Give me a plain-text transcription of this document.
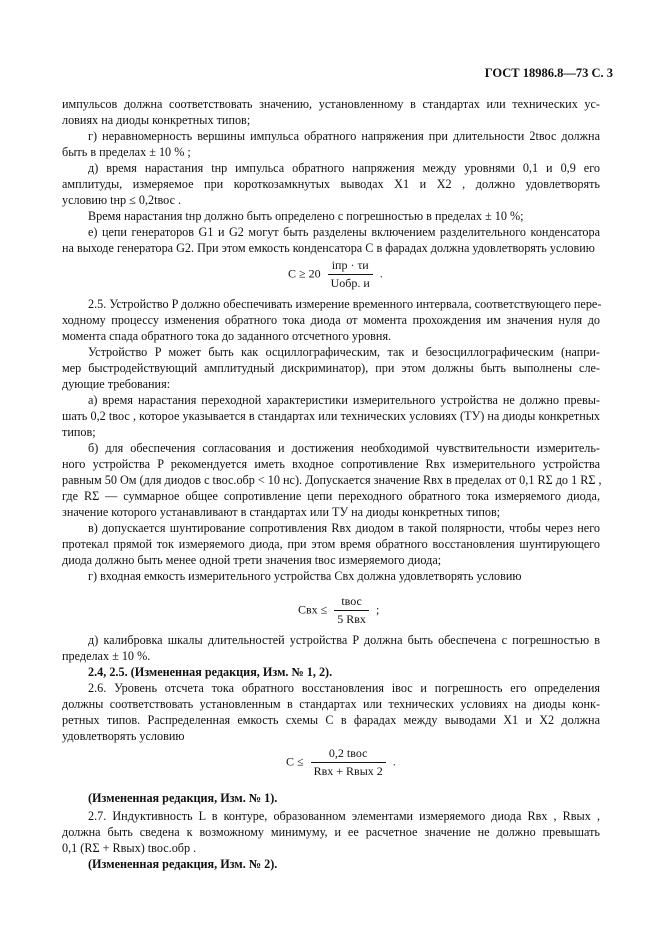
ГОСТ 18986.8—73 С. 3
импульсов должна соответствовать значению, установленному в стандартах или технических ус-
ловиях на диоды конкретных типов;
г) неравномерность вершины импульса обратного напряжения при длительности 2tвос должна
быть в пределах ± 10 % ;
д) время нарастания tнр импульса обратного напряжения между уровнями 0,1 и 0,9 его
амплитуды, измеряемое при короткозамкнутых выводах X1 и X2 , должно удовлетворять
условию tнр ≤ 0,2tвос .
Время нарастания tнр должно быть определено с погрешностью в пределах ± 10 %;
е) цепи генераторов G1 и G2 могут быть разделены включением разделительного конденсатора
на выходе генератора G2. При этом емкость конденсатора C в фарадах должна удовлетворять условию
$C \ge 20 \frac{\text{iпр · τи}}{\text{Uобр. и}}$ .
2.5. Устройство P должно обеспечивать измерение временного интервала, соответствующего пере-
ходному процессу изменения обратного тока диода от момента прохождения им значения нуля до
момента спада обратного тока до заданного отсчетного уровня.
Устройство P может быть как осциллографическим, так и безосциллографическим (напри-
мер быстродействующий амплитудный дискриминатор), при этом должны быть выполнены сле-
дующие требования:
а) время нарастания переходной характеристики измерительного устройства не должно превы-
шать 0,2 tвос , которое указывается в стандартах или технических условиях (ТУ) на диоды конкретных
типов;
б) для обеспечения согласования и достижения необходимой чувствительности измеритель-
ного устройства P рекомендуется иметь входное сопротивление Rвх измерительного устройства
равным 50 Ом (для диодов с tвос.обр < 10 нс). Допускается значение Rвх в пределах от 0,1 RΣ до 1 RΣ ,
где RΣ — суммарное общее сопротивление цепи переходного обратного тока измеряемого диода,
значение которого устанавливают в стандартах или ТУ на диоды конкретных типов;
в) допускается шунтирование сопротивления Rвх диодом в такой полярности, чтобы через него
протекал прямой ток измеряемого диода, при этом время обратного восстановления шунтирующего
диода должно быть менее одной трети значения tвос измеряемого диода;
г) входная емкость измерительного устройства Cвх должна удовлетворять условию
Cвх ≤ $\frac{\text{tвос}}{\text{5 Rвх}}$ ;
д) калибровка шкалы длительностей устройства P должна быть обеспечена с погрешностью в
пределах ± 10 %.
2.4, 2.5. (Измененная редакция, Изм. № 1, 2).
2.6. Уровень отсчета тока обратного восстановления iвос и погрешность его определения
должны соответствовать установленным в стандартах или технических условиях на диоды конк-
ретных типов. Распределенная емкость схемы C в фарадах между выводами X1 и X2 должна
удовлетворять условию
$C \le \frac{\text{0,2 tвос}}{\text{Rвх + Rвых 2}}$ .
(Измененная редакция, Изм. № 1).
2.7. Индуктивность L в контуре, образованном элементами измеряемого диода Rвх , Rвых ,
должна быть сведена к возможному минимуму, и ее расчетное значение не должно превышать
0,1 (RΣ + Rвых) tвос.обр .
(Измененная редакция, Изм. № 2).
